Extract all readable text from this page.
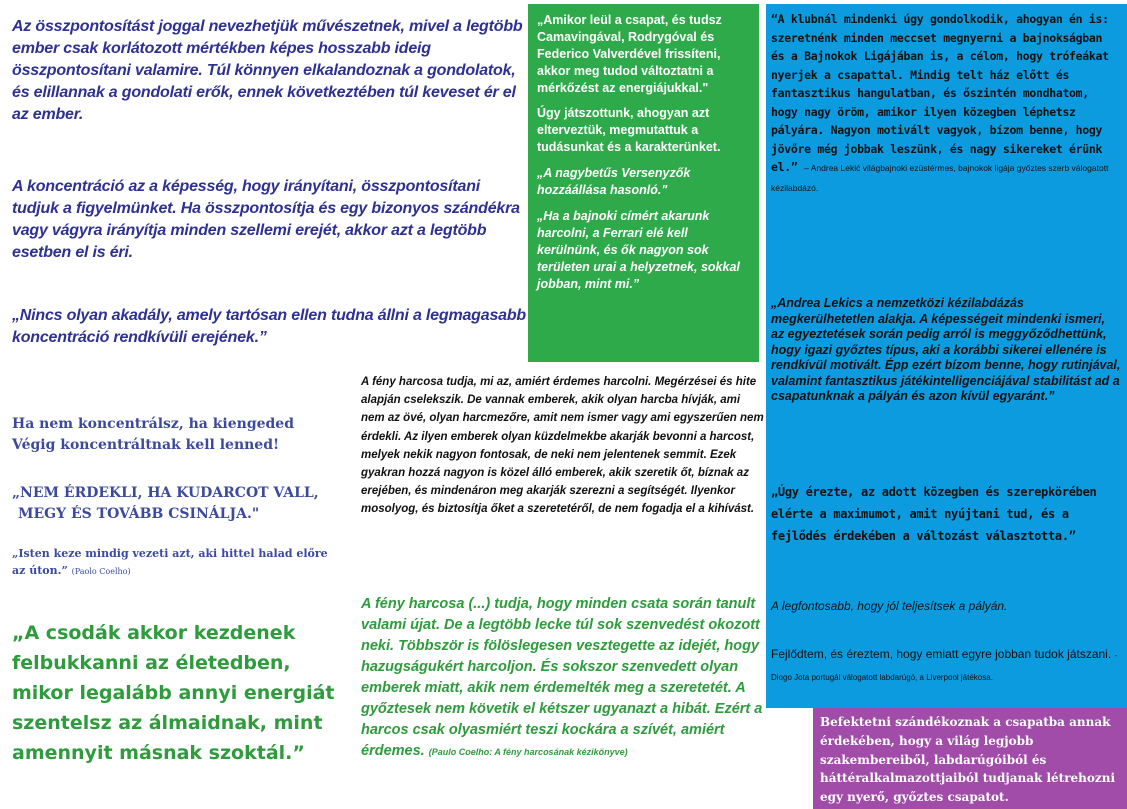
Az összpontosítást joggal nevezhetjük művészetnek, mivel a legtöbb ember csak korlátozott mértékben képes hosszabb ideig összpontosítani valamire. Túl könnyen elkalandoznak a gondolatok, és elillannak a gondolati erők, ennek következtében túl keveset ér el az ember.

A koncentráció az a képesség, hogy irányítani, összpontosítani tudjuk a figyelmünket. Ha összpontosítja és egy bizonyos szándékra vagy vágyra irányítja minden szellemi erejét, akkor azt a legtöbb esetben el is éri.

„Nincs olyan akadály, amely tartósan ellen tudna állni a legmagasabb koncentráció rendkívüli erejének.”

Ha nem koncentrálsz, ha kiengeded
Végig koncentráltnak kell lenned!
„NEM ÉRDEKLI, HA KUDARCOT VALL,
MEGY ÉS TOVÁBB CSINÁLJA."

„Isten keze mindig vezeti azt, aki hittel halad előre az úton.” (Paolo Coelho)

„A csodák akkor kezdenek felbukkanni az életedben, mikor legalább annyi energiát szentelsz az álmaidnak, mint amennyit másnak szoktál.”

„Amikor leül a csapat, és tudsz Camavingával, Rodrygóval és Federico Valverdével frissíteni, akkor meg tudod változtatni a mérkőzést az energiájukkal."

Úgy játszottunk, ahogyan azt elterveztük, megmutattuk a tudásunkat és a karakterünket.

„A nagybetűs Versenyzők hozzáállása hasonló."

„Ha a bajnoki címért akarunk harcolni, a Ferrari elé kell kerülnünk, és ők nagyon sok területen urai a helyzetnek, sokkal jobban, mint mi.”

A fény harcosa tudja, mi az, amiért érdemes harcolni. Megérzései és hite alapján cselekszik. De vannak emberek, akik olyan harcba hívják, ami nem az övé, olyan harcmezőre, amit nem ismer vagy ami egyszerűen nem érdekli. Az ilyen emberek olyan küzdelmekbe akarják bevonni a harcost, melyek nekik nagyon fontosak, de neki nem jelentenek semmit. Ezek gyakran hozzá nagyon is közel álló emberek, akik szeretik őt, bíznak az erejében, és mindenáron meg akarják szerezni a segítségét. Ilyenkor mosolyog, és biztosítja őket a szeretetéről, de nem fogadja el a kihívást.

A fény harcosa (...) tudja, hogy minden csata során tanult valami újat. De a legtöbb lecke túl sok szenvedést okozott neki. Többször is fölöslegesen vesztegette az idejét, hogy hazugságukért harcoljon. És sokszor szenvedett olyan emberek miatt, akik nem érdemelték meg a szeretetét. A győztesek nem követik el kétszer ugyanazt a hibát. Ezért a harcos csak olyasmiért teszi kockára a szívét, amiért érdemes. (Paulo Coelho: A fény harcosának kézikönyve)

“A klubnál mindenki úgy gondolkodik, ahogyan én is: szeretnénk minden meccset megnyerni a bajnokságban és a Bajnokok Ligájában is, a célom, hogy trófeákat nyerjek a csapattal. Mindig telt ház előtt és fantasztikus hangulatban, és őszintén mondhatom, hogy nagy öröm, amikor ilyen közegben léphetsz pályára. Nagyon motivált vagyok, bízom benne, hogy jövőre még jobbak leszünk, és nagy sikereket érünk el.” – Andrea Lekić világbajnoki ezüstérmes, bajnokok ligája győztes szerb válogatott kézilabdázó.

„Andrea Lekics a nemzetközi kézilabdázás megkerülhetetlen alakja. A képességeit mindenki ismeri, az egyeztetések során pedig arról is meggyőződhettünk, hogy igazi győztes típus, aki a korábbi sikerei ellenére is rendkívül motivált. Épp ezért bízom benne, hogy rutinjával, valamint fantasztikus játékintelligenciájával stabilitást ad a csapatunknak a pályán és azon kívül egyaránt.”

„Úgy érezte, az adott közegben és szerepkörében elérte a maximumot, amit nyújtani tud, és a fejlődés érdekében a változást választotta.”

A legfontosabb, hogy jól teljesítsek a pályán.

Fejlődtem, és éreztem, hogy emiatt egyre jobban tudok játszani. - Diogo Jota portugál válogatott labdarúgó, a Liverpool játékosa.

Befektetni szándékoznak a csapatba annak érdekében, hogy a világ legjobb szakembereiből, labdarúgóiból és háttéralkalmazottjaiból tudjanak létrehozni egy nyerő, győztes csapatot.
